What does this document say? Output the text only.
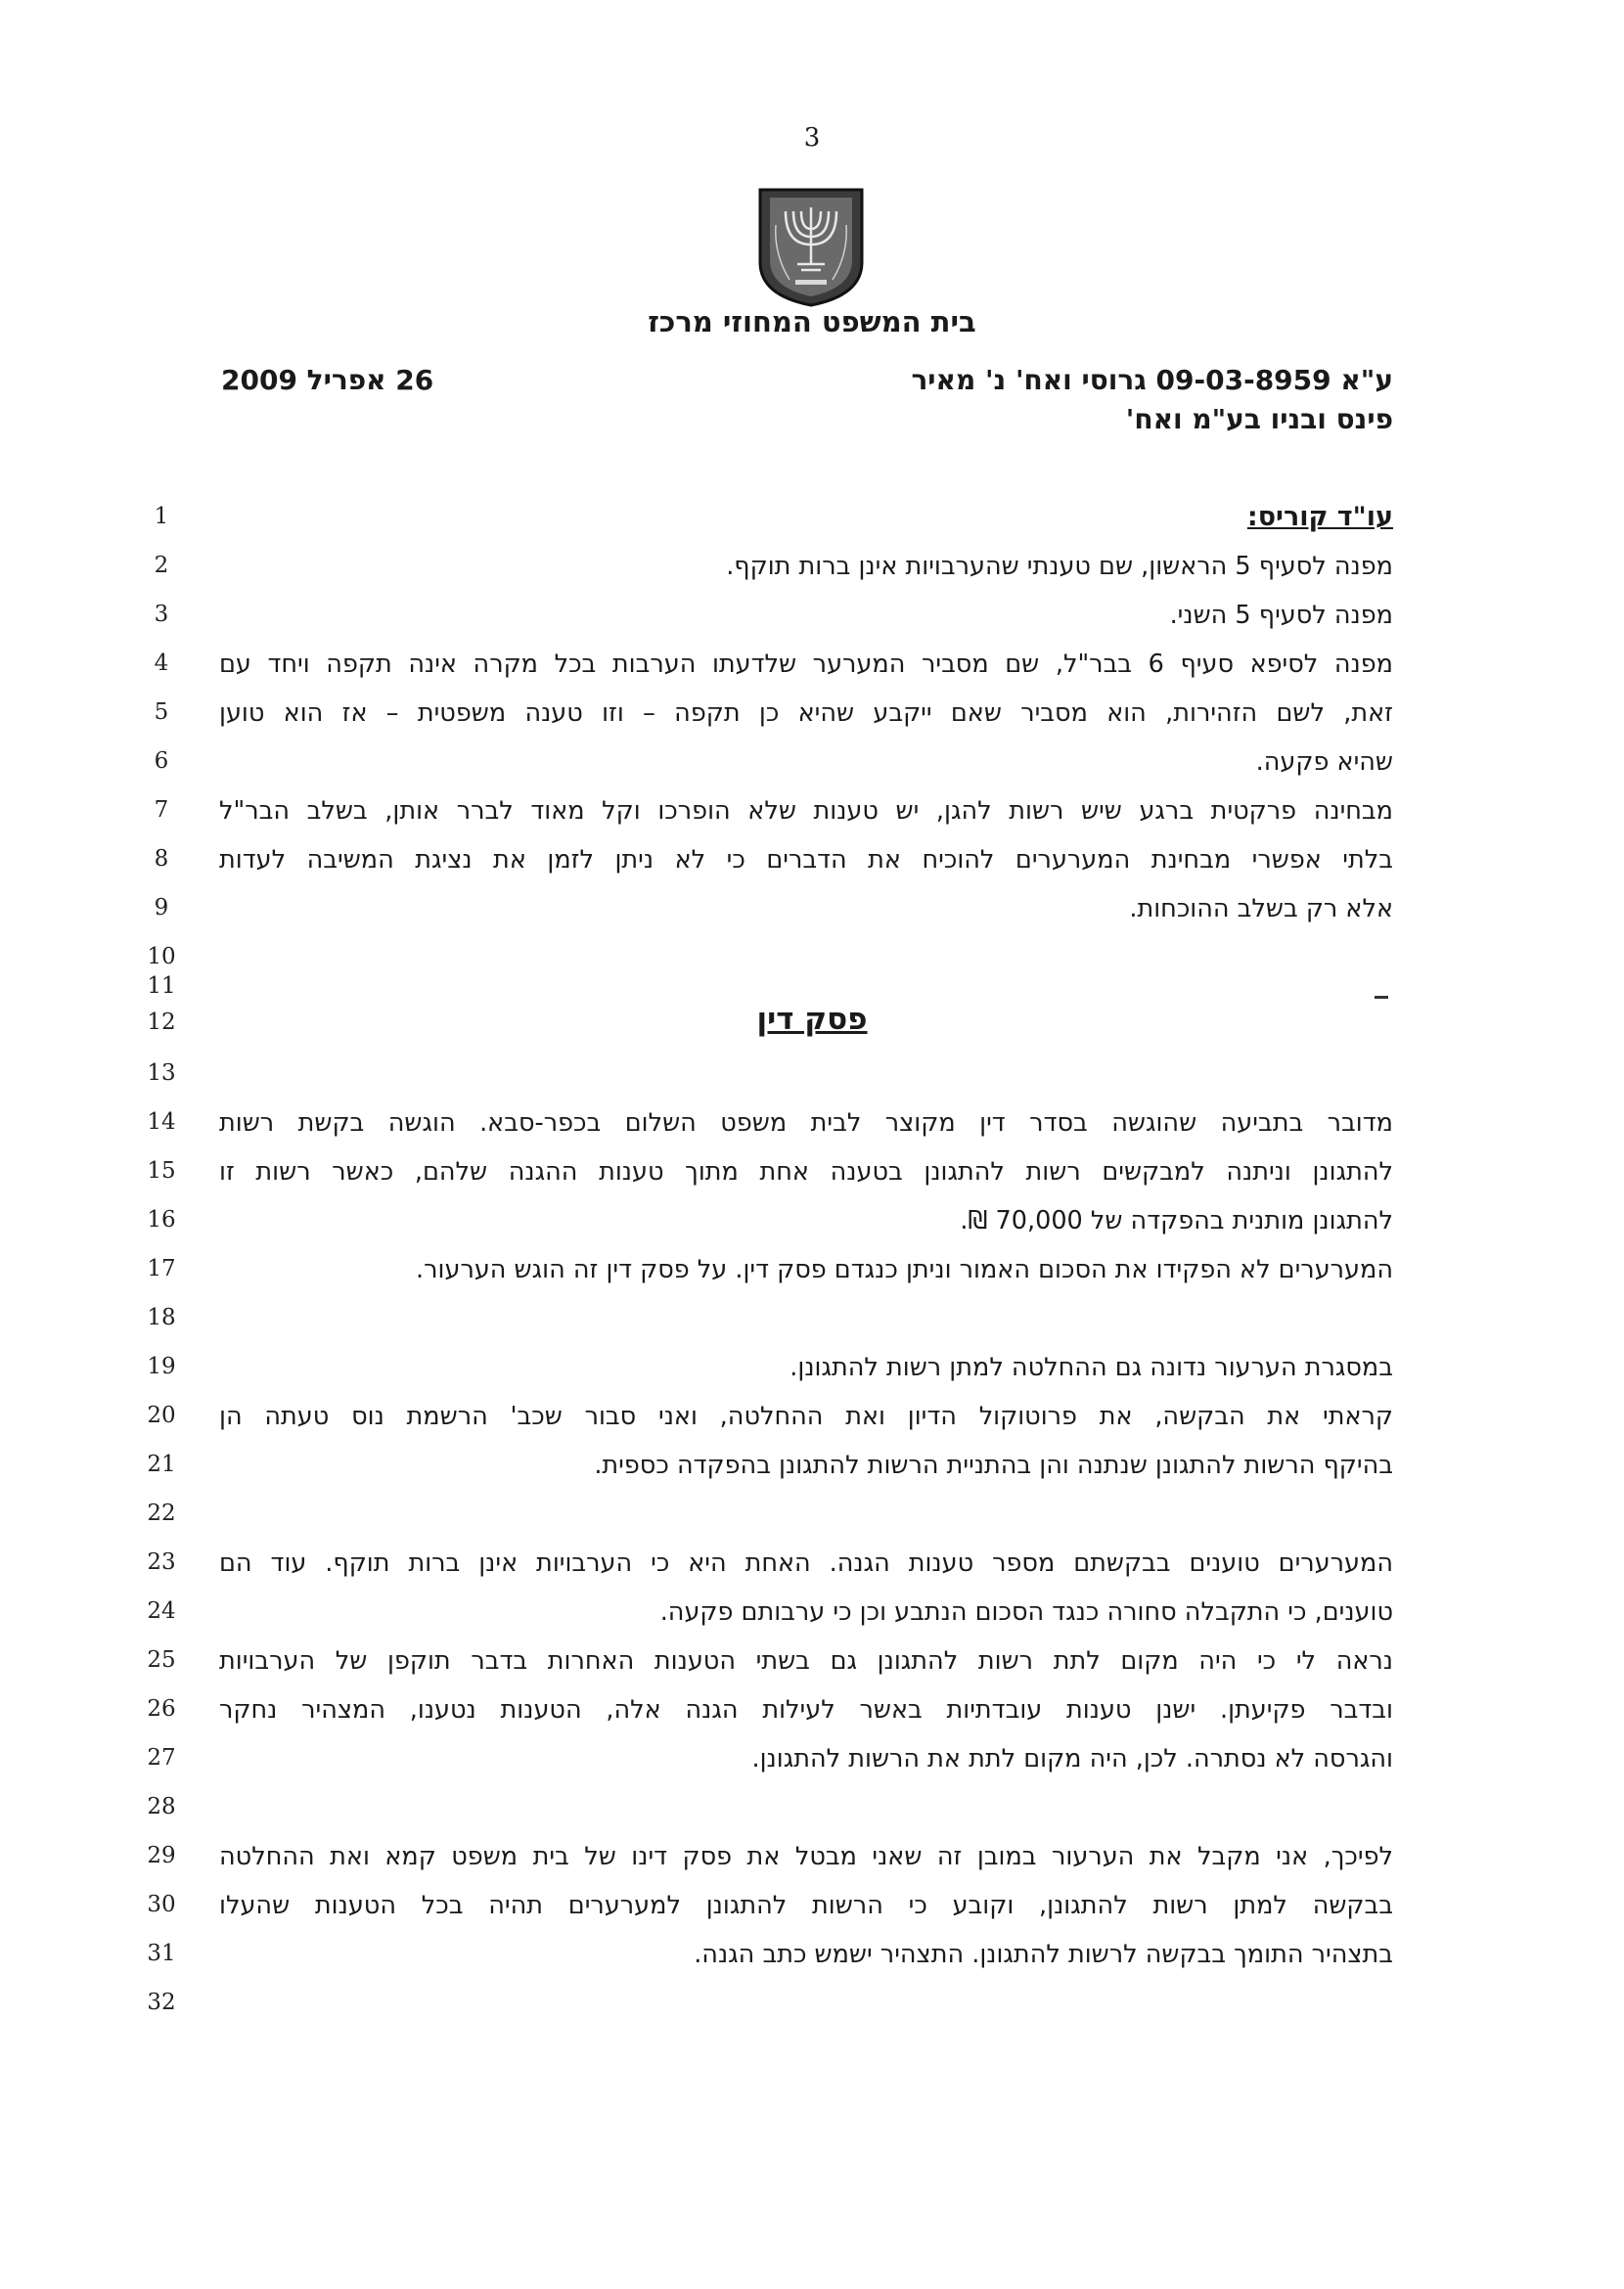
3
בית המשפט המחוזי מרכז
ע"א 09-03-8959 גרוסי ואח' נ' מאיר
פינס ובניו בע"מ ואח'
26 אפריל 2009
1
2
3
4
5
6
7
8
9
10
11
12
13
14
15
16
17
18
19
20
21
22
23
24
25
26
27
28
29
30
31
32
עו"ד קוריס:
מפנה לסעיף 5 הראשון, שם טענתי שהערבויות אינן ברות תוקף.
מפנה לסעיף 5 השני.
מפנה לסיפא סעיף 6 בבר"ל, שם מסביר המערער שלדעתו הערבות בכל מקרה אינה תקפה ויחד עם
זאת, לשם הזהירות, הוא מסביר שאם ייקבע שהיא כן תקפה – וזו טענה משפטית – אז הוא טוען
שהיא פקעה.
מבחינה פרקטית ברגע שיש רשות להגן, יש טענות שלא הופרכו וקל מאוד לברר אותן, בשלב הבר"ל
בלתי אפשרי מבחינת המערערים להוכיח את הדברים כי לא ניתן לזמן את נציגת המשיבה לעדות
אלא רק בשלב ההוכחות.
פסק דין
מדובר בתביעה שהוגשה בסדר דין מקוצר לבית משפט השלום בכפר-סבא. הוגשה בקשת רשות
להתגונן וניתנה למבקשים רשות להתגונן בטענה אחת מתוך טענות ההגנה שלהם, כאשר רשות זו
להתגונן מותנית בהפקדה של 70,000 ₪.
המערערים לא הפקידו את הסכום האמור וניתן כנגדם פסק דין. על פסק דין זה הוגש הערעור.
במסגרת הערעור נדונה גם ההחלטה למתן רשות להתגונן.
קראתי את הבקשה, את פרוטוקול הדיון ואת ההחלטה, ואני סבור שכב' הרשמת נוס טעתה הן
בהיקף הרשות להתגונן שנתנה והן בהתניית הרשות להתגונן בהפקדה כספית.
המערערים טוענים בבקשתם מספר טענות הגנה. האחת היא כי הערבויות אינן ברות תוקף. עוד הם
טוענים, כי התקבלה סחורה כנגד הסכום הנתבע וכן כי ערבותם פקעה.
נראה לי כי היה מקום לתת רשות להתגונן גם בשתי הטענות האחרות בדבר תוקפן של הערבויות
ובדבר פקיעתן. ישנן טענות עובדתיות באשר לעילות הגנה אלה, הטענות נטענו, המצהיר נחקר
והגרסה לא נסתרה. לכן, היה מקום לתת את הרשות להתגונן.
לפיכך, אני מקבל את הערעור במובן זה שאני מבטל את פסק דינו של בית משפט קמא ואת ההחלטה
בבקשה למתן רשות להתגונן, וקובע כי הרשות להתגונן למערערים תהיה בכל הטענות שהעלו
בתצהיר התומך בבקשה לרשות להתגונן. התצהיר ישמש כתב הגנה.
